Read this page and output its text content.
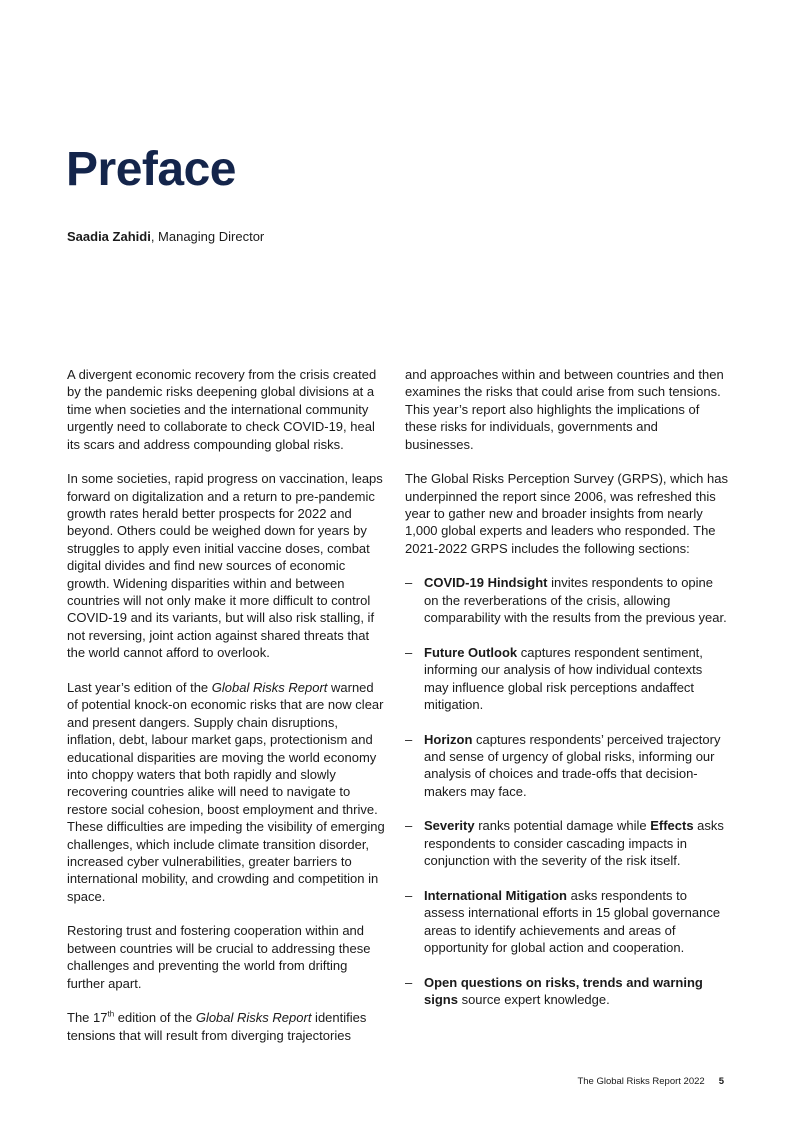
Preface
Saadia Zahidi, Managing Director

A divergent economic recovery from the crisis created by the pandemic risks deepening global divisions at a time when societies and the international community urgently need to collaborate to check COVID-19, heal its scars and address compounding global risks.

In some societies, rapid progress on vaccination, leaps forward on digitalization and a return to pre-pandemic growth rates herald better prospects for 2022 and beyond. Others could be weighed down for years by struggles to apply even initial vaccine doses, combat digital divides and find new sources of economic growth. Widening disparities within and between countries will not only make it more difficult to control COVID-19 and its variants, but will also risk stalling, if not reversing, joint action against shared threats that the world cannot afford to overlook.

Last year’s edition of the Global Risks Report warned of potential knock-on economic risks that are now clear and present dangers. Supply chain disruptions, inflation, debt, labour market gaps, protectionism and educational disparities are moving the world economy into choppy waters that both rapidly and slowly recovering countries alike will need to navigate to restore social cohesion, boost employment and thrive. These difficulties are impeding the visibility of emerging challenges, which include climate transition disorder, increased cyber vulnerabilities, greater barriers to international mobility, and crowding and competition in space.

Restoring trust and fostering cooperation within and between countries will be crucial to addressing these challenges and preventing the world from drifting further apart.

The 17th edition of the Global Risks Report identifies tensions that will result from diverging trajectories

and approaches within and between countries and then examines the risks that could arise from such tensions. This year’s report also highlights the implications of these risks for individuals, governments and businesses.

The Global Risks Perception Survey (GRPS), which has underpinned the report since 2006, was refreshed this year to gather new and broader insights from nearly 1,000 global experts and leaders who responded. The 2021-2022 GRPS includes the following sections:

– COVID-19 Hindsight invites respondents to opine on the reverberations of the crisis, allowing comparability with the results from the previous year.
– Future Outlook captures respondent sentiment, informing our analysis of how individual contexts may influence global risk perceptions andaffect mitigation.
– Horizon captures respondents’ perceived trajectory and sense of urgency of global risks, informing our analysis of choices and trade-offs that decision-makers may face.
– Severity ranks potential damage while Effects asks respondents to consider cascading impacts in conjunction with the severity of the risk itself.
– International Mitigation asks respondents to assess international efforts in 15 global governance areas to identify achievements and areas of opportunity for global action and cooperation.
– Open questions on risks, trends and warning signs source expert knowledge.
The Global Risks Report 2022 5
